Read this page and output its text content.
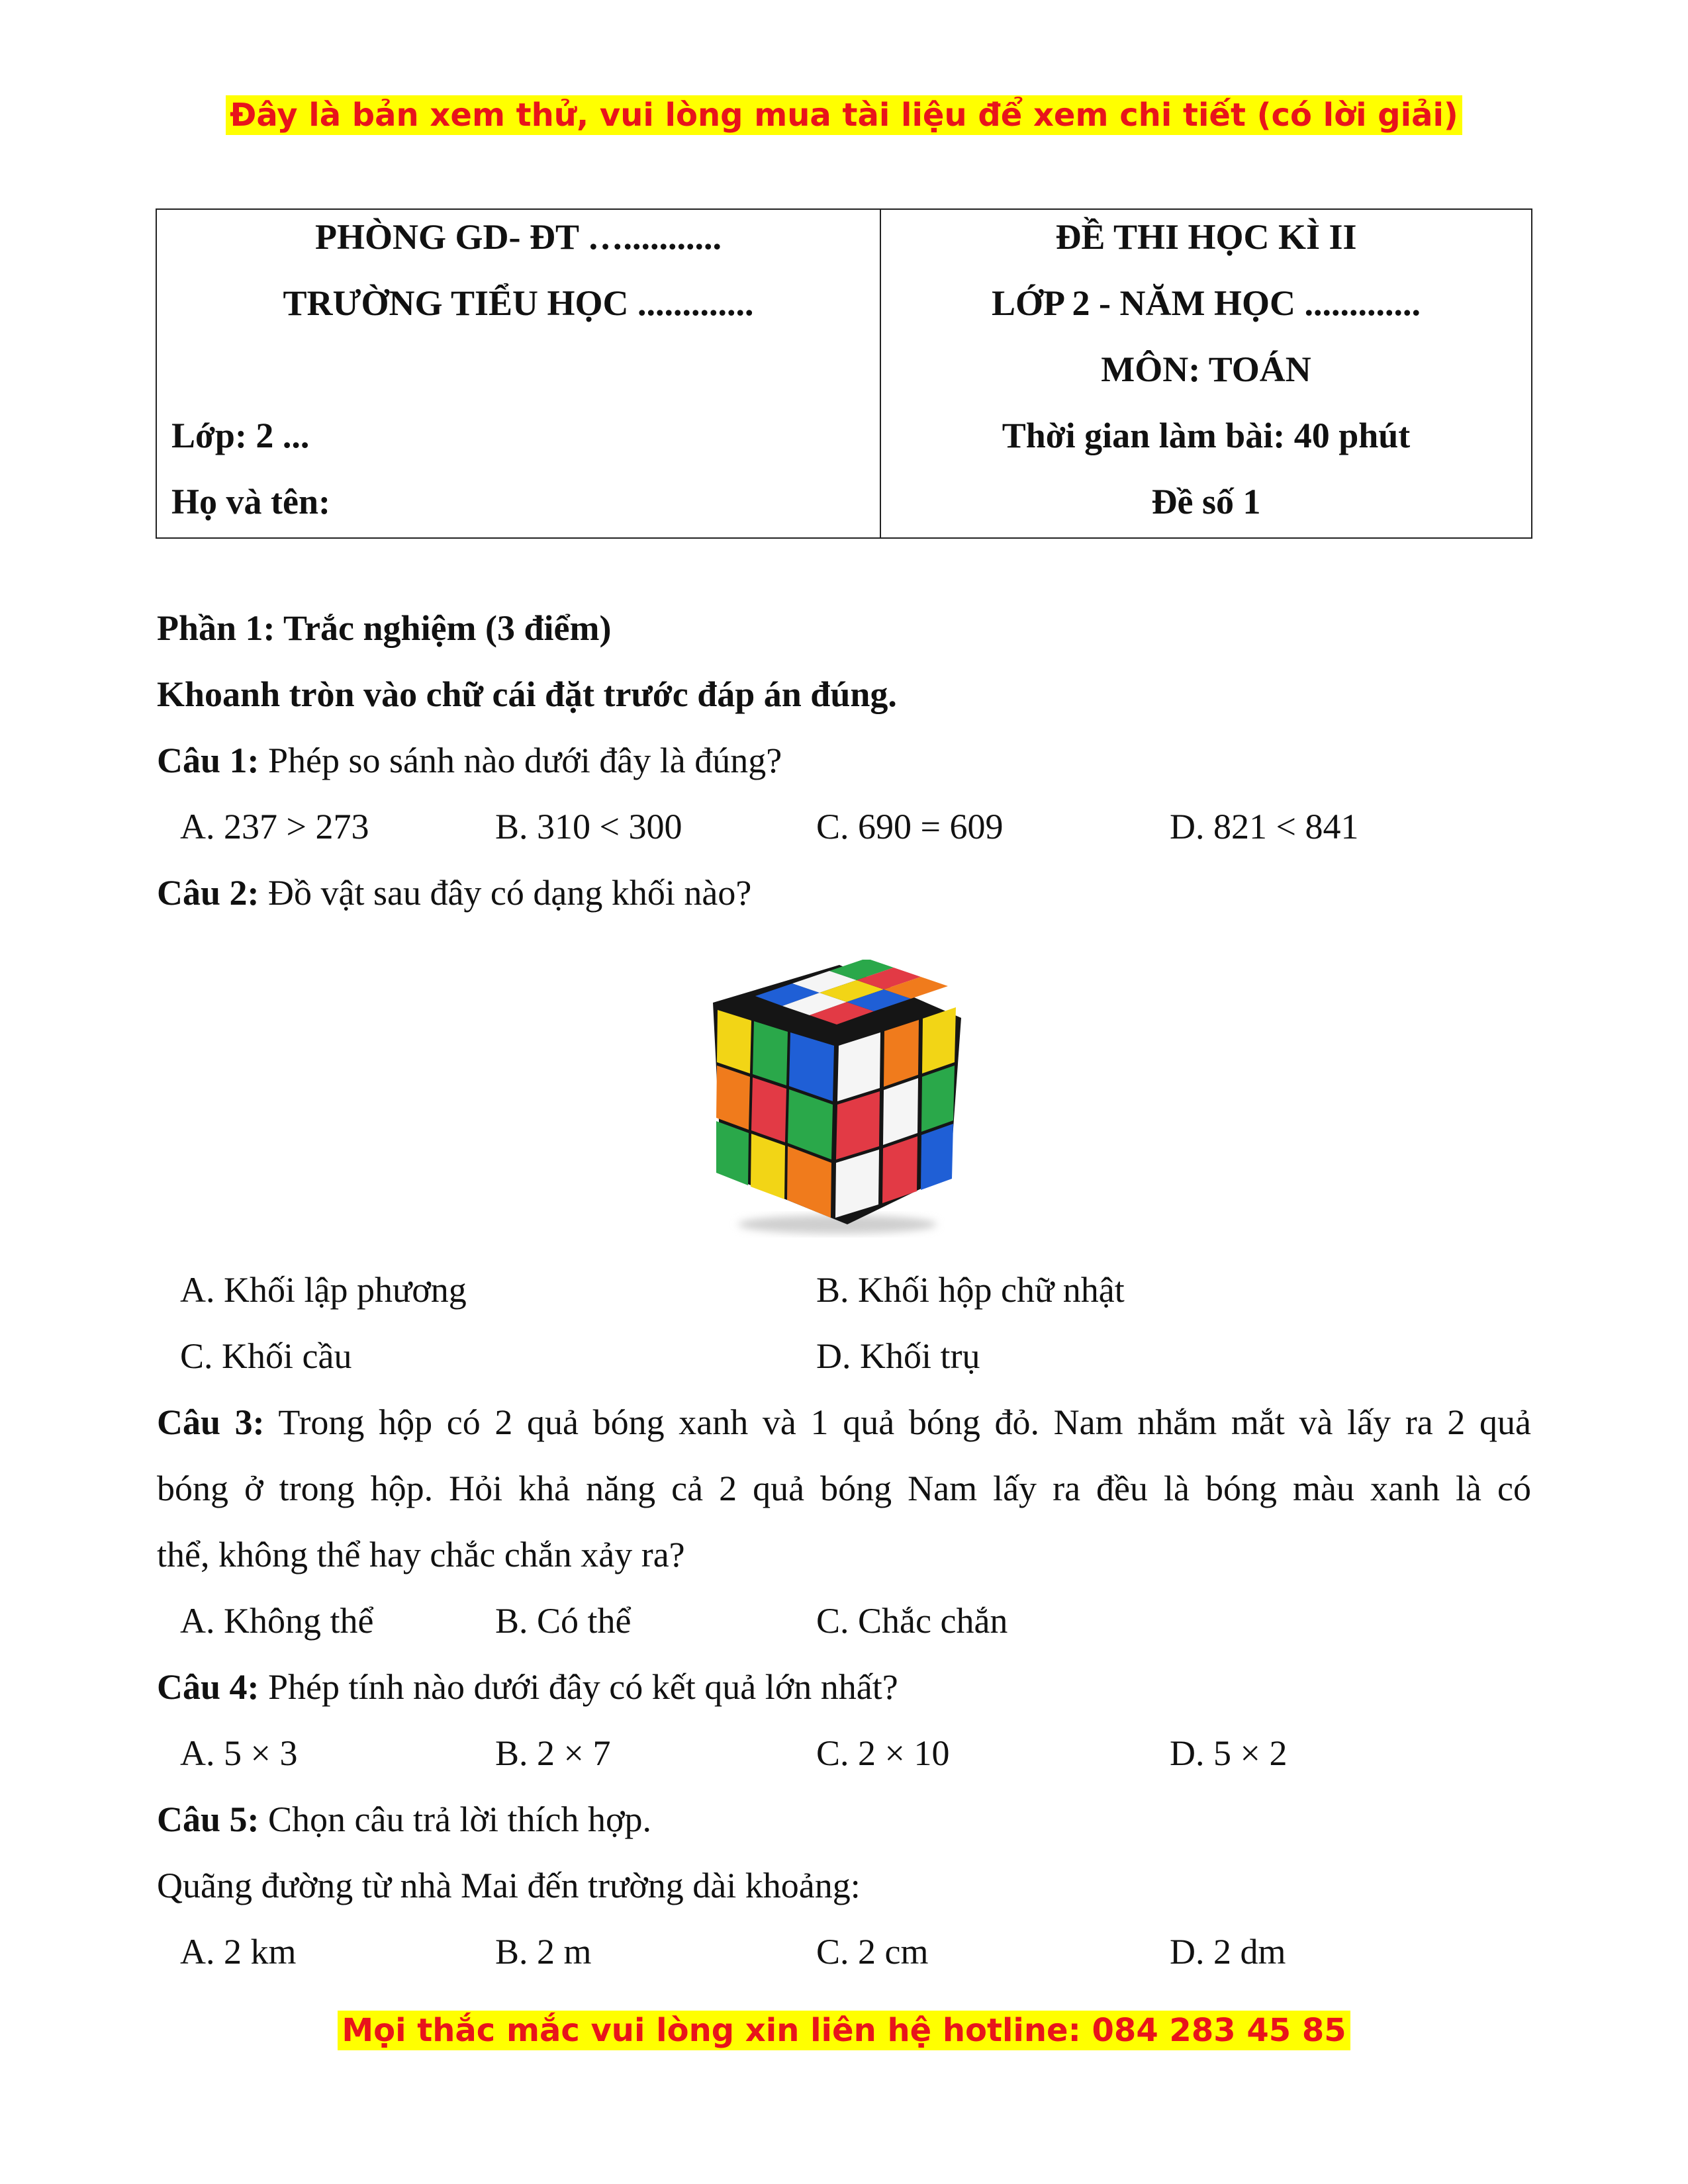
Đây là bản xem thử, vui lòng mua tài liệu để xem chi tiết (có lời giải)
PHÒNG GD- ĐT …...........
TRƯỜNG TIỂU HỌC .............
Lớp: 2 ...
Họ và tên:

ĐỀ THI HỌC KÌ II
LỚP 2 - NĂM HỌC .............
MÔN: TOÁN
Thời gian làm bài: 40 phút
Đề số 1
Phần 1: Trắc nghiệm (3 điểm)
Khoanh tròn vào chữ cái đặt trước đáp án đúng.
Câu 1: Phép so sánh nào dưới đây là đúng?
A. 237 > 273	B. 310 < 300	C. 690 = 609	D. 821 < 841
Câu 2: Đồ vật sau đây có dạng khối nào?
A. Khối lập phương	B. Khối hộp chữ nhật
C. Khối cầu	D. Khối trụ
Câu 3: Trong hộp có 2 quả bóng xanh và 1 quả bóng đỏ. Nam nhắm mắt và lấy ra 2 quả
bóng ở trong hộp. Hỏi khả năng cả 2 quả bóng Nam lấy ra đều là bóng màu xanh là có
thể, không thể hay chắc chắn xảy ra?
A. Không thể	B. Có thể	C. Chắc chắn
Câu 4: Phép tính nào dưới đây có kết quả lớn nhất?
A. 5 × 3	B. 2 × 7	C. 2 × 10	D. 5 × 2
Câu 5: Chọn câu trả lời thích hợp.
Quãng đường từ nhà Mai đến trường dài khoảng:
A. 2 km	B. 2 m	C. 2 cm	D. 2 dm
Mọi thắc mắc vui lòng xin liên hệ hotline: 084 283 45 85
